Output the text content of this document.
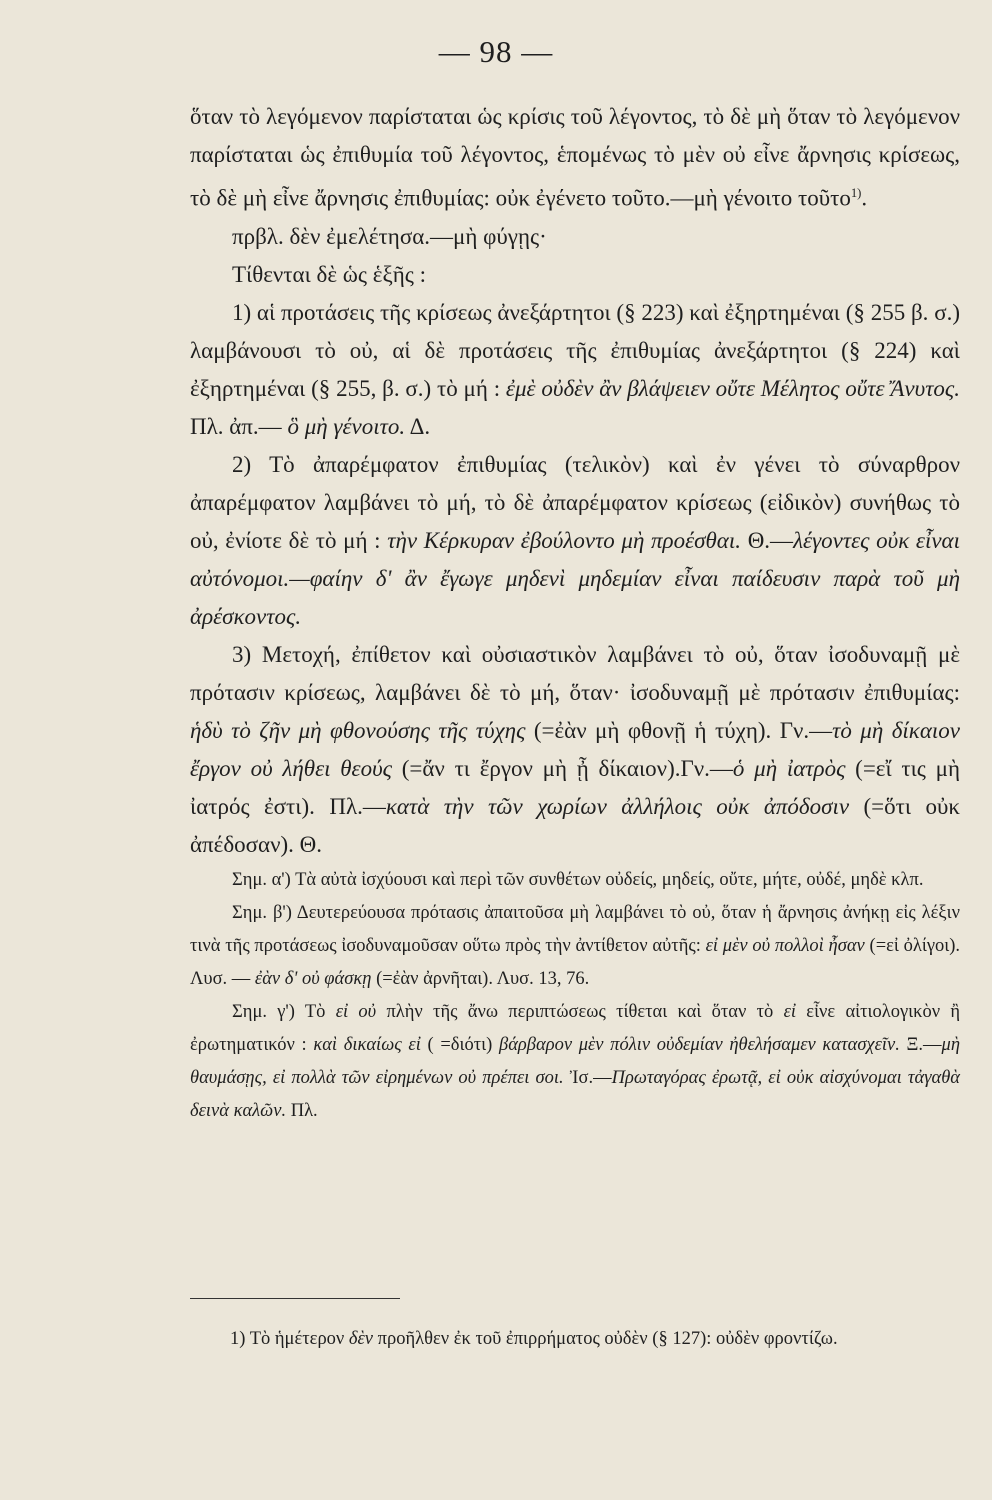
— 98 —

ὅταν τὸ λεγόμενον παρίσταται ὡς κρίσις τοῦ λέγοντος, τὸ δὲ μὴ ὅταν τὸ λεγόμενον παρίσταται ὡς ἐπιθυμία τοῦ λέγοντος, ἑπομένως τὸ μὲν οὐ εἶνε ἄρνησις κρίσεως, τὸ δὲ μὴ εἶνε ἄρνησις ἐπιθυμίας: οὐκ ἐγένετο τοῦτο.—μὴ γένοιτο τοῦτο$^{1)}$.

πρβλ. δὲν ἐμελέτησα.—μὴ φύγῃς·

Τίθενται δὲ ὡς ἑξῆς :

1) αἱ προτάσεις τῆς κρίσεως ἀνεξάρτητοι (§ 223) καὶ ἐξηρτημέναι (§ 255 β. σ.) λαμβάνουσι τὸ οὐ, αἱ δὲ προτάσεις τῆς ἐπιθυμίας ἀνεξάρτητοι (§ 224) καὶ ἐξηρτημέναι (§ 255, β. σ.) τὸ μή : ἐμὲ οὐδὲν ἂν βλάψειεν οὔτε Μέλητος οὔτε Ἄνυτος. Πλ. ἀπ.— ὃ μὴ γένοιτο. Δ.

2) Τὸ ἀπαρέμφατον ἐπιθυμίας (τελικὸν) καὶ ἐν γένει τὸ σύναρθρον ἀπαρέμφατον λαμβάνει τὸ μή, τὸ δὲ ἀπαρέμφατον κρίσεως (εἰδικὸν) συνήθως τὸ οὐ, ἐνίοτε δὲ τὸ μή : τὴν Κέρκυραν ἐβούλοντο μὴ προέσθαι. Θ.—λέγοντες οὐκ εἶναι αὐτόνομοι.—φαίην δ' ἂν ἔγωγε μηδενὶ μηδεμίαν εἶναι παίδευσιν παρὰ τοῦ μὴ ἀρέσκοντος.

3) Μετοχή, ἐπίθετον καὶ οὐσιαστικὸν λαμβάνει τὸ οὐ, ὅταν ἰσοδυναμῇ μὲ πρότασιν κρίσεως, λαμβάνει δὲ τὸ μή, ὅταν· ἰσοδυναμῇ μὲ πρότασιν ἐπιθυμίας: ἡδὺ τὸ ζῆν μὴ φθονούσης τῆς τύχης (=ἐὰν μὴ φθονῇ ἡ τύχη). Γν.—τὸ μὴ δίκαιον ἔργον οὐ λήθει θεούς (=ἄν τι ἔργον μὴ ᾖ δίκαιον).Γν.—ὁ μὴ ἰατρὸς (=εἴ τις μὴ ἰατρός ἐστι). Πλ.—κατὰ τὴν τῶν χωρίων ἀλλήλοις οὐκ ἀπόδοσιν (=ὅτι οὐκ ἀπέδοσαν). Θ.

Σημ. α') Τὰ αὐτὰ ἰσχύουσι καὶ περὶ τῶν συνθέτων οὐδείς, μηδείς, οὔτε, μήτε, οὐδέ, μηδὲ κλπ.

Σημ. β') Δευτερεύουσα πρότασις ἀπαιτοῦσα μὴ λαμβάνει τὸ οὐ, ὅταν ἡ ἄρνησις ἀνήκῃ εἰς λέξιν τινὰ τῆς προτάσεως ἰσοδυναμοῦσαν οὕτω πρὸς τὴν ἀντίθετον αὐτῆς: εἰ μὲν οὐ πολλοὶ ἦσαν (=εἰ ὀλίγοι). Λυσ. — ἐὰν δ' οὐ φάσκῃ (=ἐὰν ἀρνῆται). Λυσ. 13, 76.

Σημ. γ') Τὸ εἰ οὐ πλὴν τῆς ἄνω περιπτώσεως τίθεται καὶ ὅταν τὸ εἰ εἶνε αἰτιολογικὸν ἢ ἐρωτηματικόν : καὶ δικαίως εἰ ( =διότι) βάρβαρον μὲν πόλιν οὐδεμίαν ἠθελήσαμεν κατασχεῖν. Ξ.—μὴ θαυμάσῃς, εἰ πολλὰ τῶν εἰρημένων οὐ πρέπει σοι. Ἰσ.—Πρωταγόρας ἐρωτᾷ, εἰ οὐκ αἰσχύνομαι τἀγαθὰ δεινὰ καλῶν. Πλ.

1) Τὸ ἡμέτερον δὲν προῆλθεν ἐκ τοῦ ἐπιρρήματος οὐδὲν (§ 127): οὐδὲν φροντίζω.
